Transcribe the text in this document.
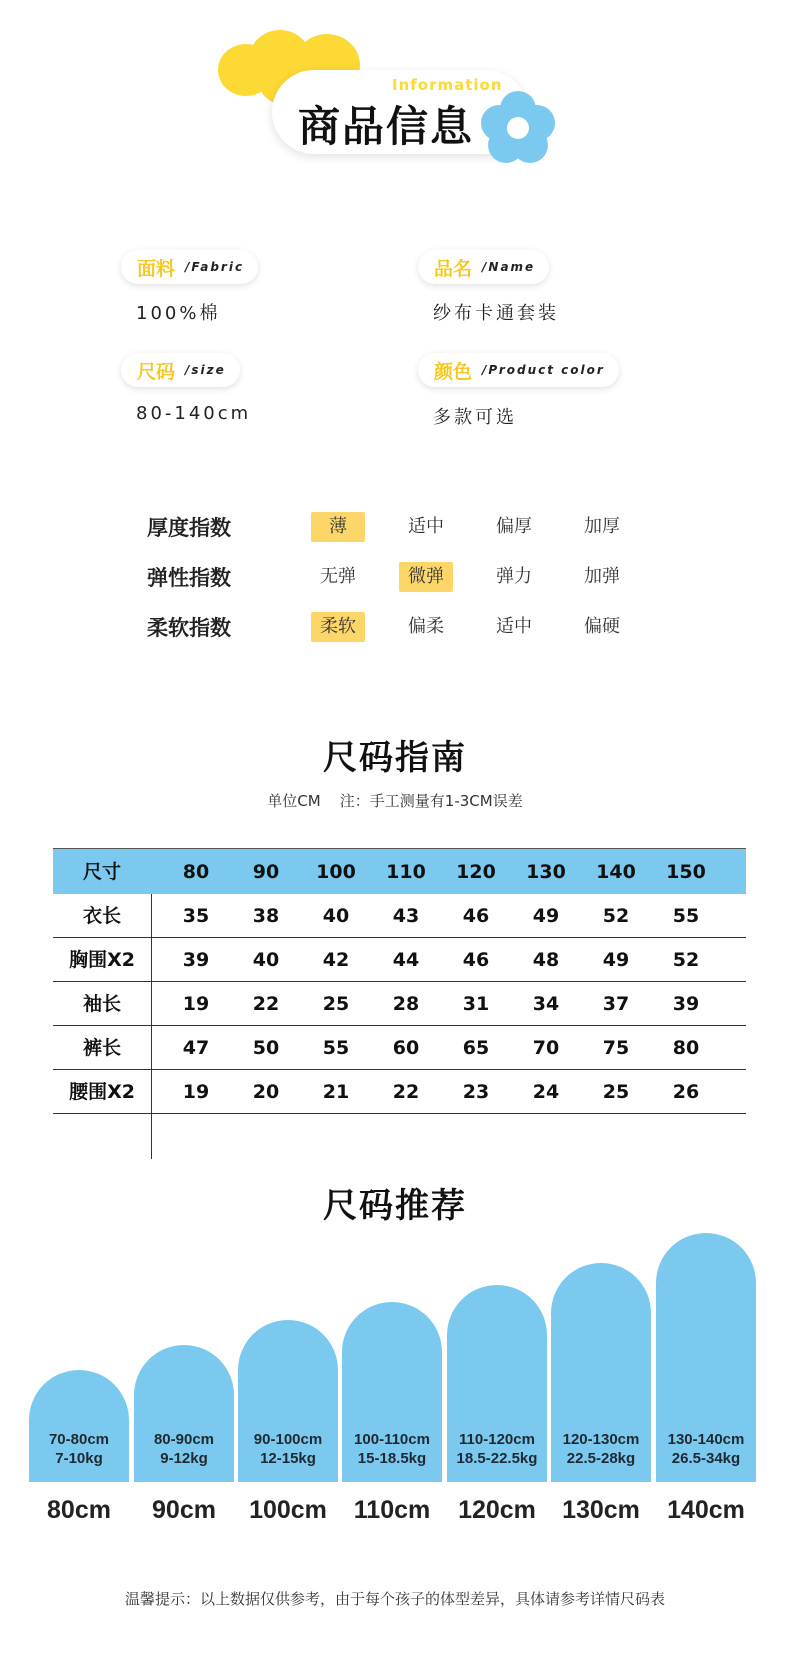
Information
商品信息
面料 /Fabric
100%棉
品名 /Name
纱布卡通套装
尺码 /size
80-140cm
颜色 /Product color
多款可选
厚度指数	薄	适中	偏厚	加厚
弹性指数	无弹	微弹	弹力	加弹
柔软指数	柔软	偏柔	适中	偏硬
尺码指南
单位CM    注：手工测量有1-3CM误差
尺寸	80	90	100	110	120	130	140	150
衣长	35	38	40	43	46	49	52	55
胸围X2	39	40	42	44	46	48	49	52
袖长	19	22	25	28	31	34	37	39
裤长	47	50	55	60	65	70	75	80
腰围X2	19	20	21	22	23	24	25	26
尺码推荐
70-80cm
7-10kg
80cm
80-90cm
9-12kg
90cm
90-100cm
12-15kg
100cm
100-110cm
15-18.5kg
110cm
110-120cm
18.5-22.5kg
120cm
120-130cm
22.5-28kg
130cm
130-140cm
26.5-34kg
140cm
温馨提示：以上数据仅供参考，由于每个孩子的体型差异，具体请参考详情尺码表
